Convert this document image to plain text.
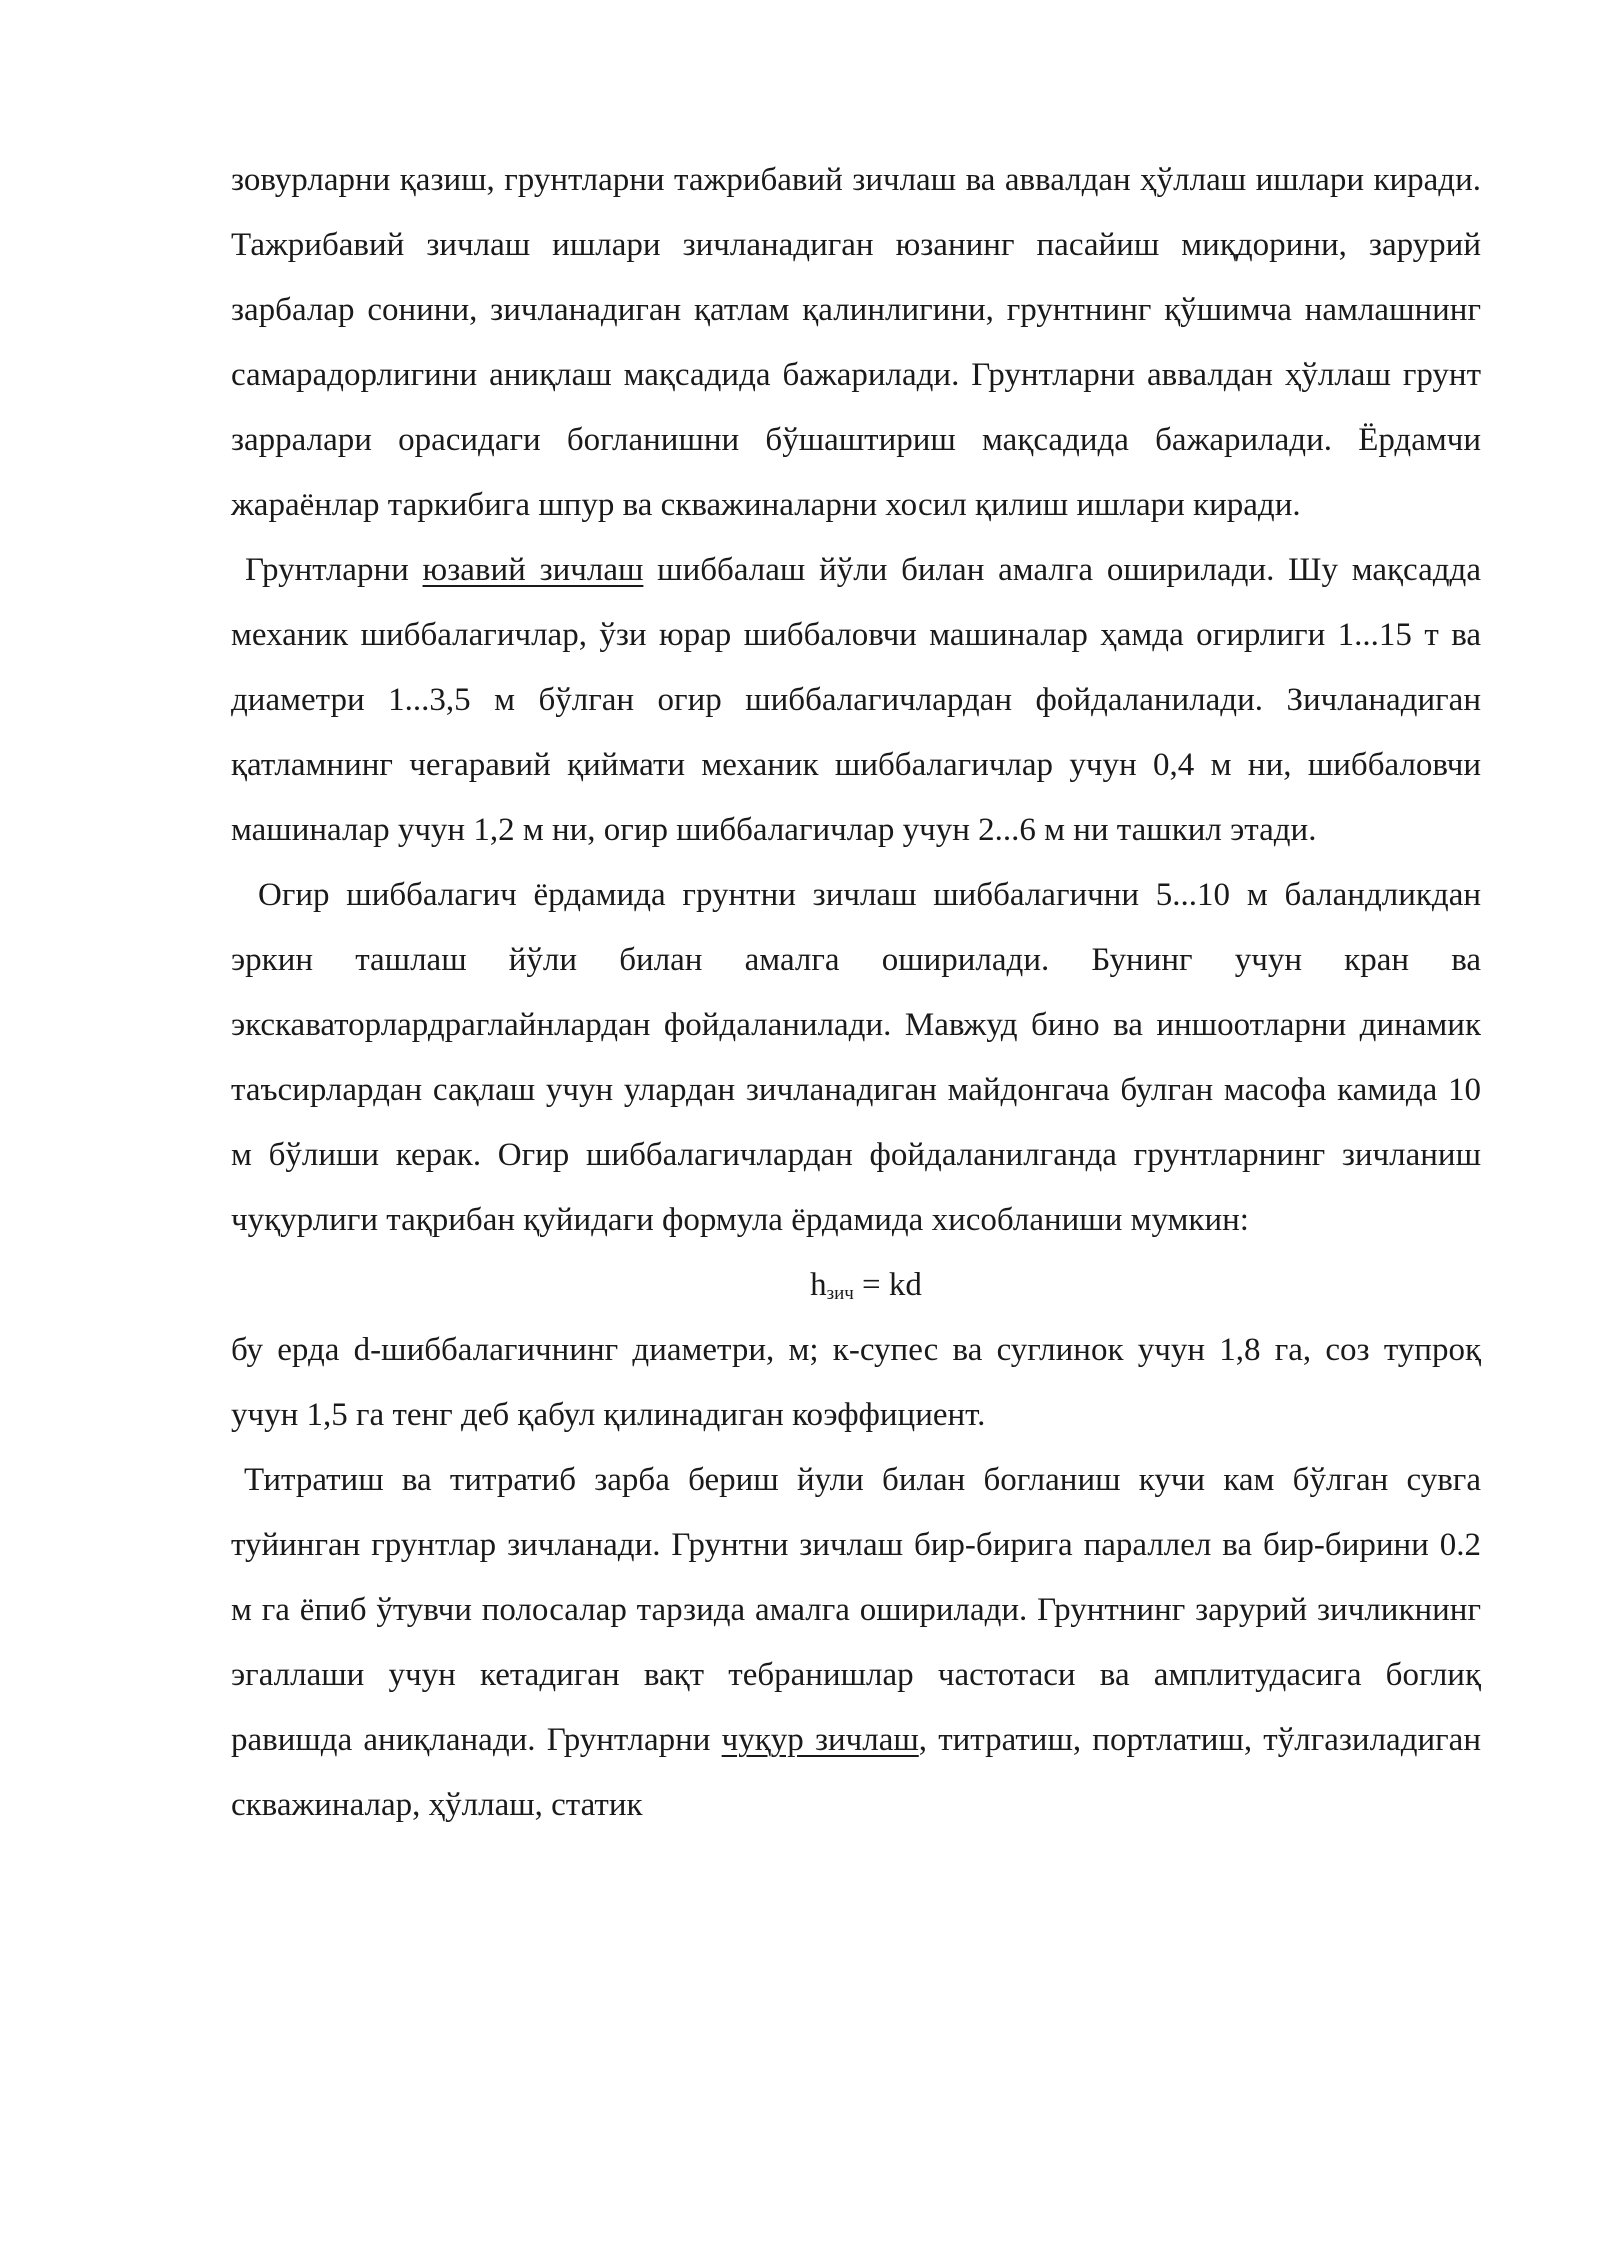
зовурларни қазиш, грунтларни тажрибавий зичлаш ва аввалдан ҳўллаш ишлари киради. Тажрибавий зичлаш ишлари зичланадиган юзанинг пасайиш миқдорини, зарурий зарбалар сонини, зичланадиган қатлам қалинлигини, грунтнинг қўшимча намлашнинг самарадорлигини аниқлаш мақсадида бажарилади. Грунтларни аввалдан ҳўллаш грунт зарралари орасидаги богланишни бўшаштириш мақсадида бажарилади. Ёрдамчи жараёнлар таркибига шпур ва скважиналарни хосил қилиш ишлари киради.

Грунтларни юзавий зичлаш шиббалаш йўли билан амалга оширилади. Шу мақсадда механик шиббалагичлар, ўзи юрар шиббаловчи машиналар ҳамда огирлиги 1...15 т ва диаметри 1...3,5 м бўлган огир шиббалагичлардан фойдаланилади. Зичланадиган қатламнинг чегаравий қиймати механик шиббалагичлар учун 0,4 м ни, шиббаловчи машиналар учун 1,2 м ни, огир шиббалагичлар учун 2...6 м ни ташкил этади.

Огир шиббалагич ёрдамида грунтни зичлаш шиббалагични 5...10 м баландликдан эркин ташлаш йўли билан амалга оширилади. Бунинг учун кран ва экскаваторлардраглайнлардан фойдаланилади. Мавжуд бино ва иншоотларни динамик таъсирлардан сақлаш учун улардан зичланадиган майдонгача булган масофа камида 10 м бўлиши керак. Огир шиббалагичлардан фойдаланилганда грунтларнинг зичланиш чуқурлиги тақрибан қуйидаги формула ёрдамида хисобланиши мумкин:

$h_{зич}$ = kd

бу ерда d-шиббалагичнинг диаметри, м; к-супес ва суглинок учун 1,8 га, соз тупроқ учун 1,5 га тенг деб қабул қилинадиган коэффициент.

Титратиш ва титратиб зарба бериш йули билан богланиш кучи кам бўлган сувга туйинган грунтлар зичланади. Грунтни зичлаш бир-бирига параллел ва бир-бирини 0.2 м га ёпиб ўтувчи полосалар тарзида амалга оширилади. Грунтнинг зарурий зичликнинг эгаллаши учун кетадиган вақт тебранишлар частотаси ва амплитудасига боглиқ равишда аниқланади. Грунтларни чуқур зичлаш, титратиш, портлатиш, тўлгазиладиган скважиналар, ҳўллаш, статик
